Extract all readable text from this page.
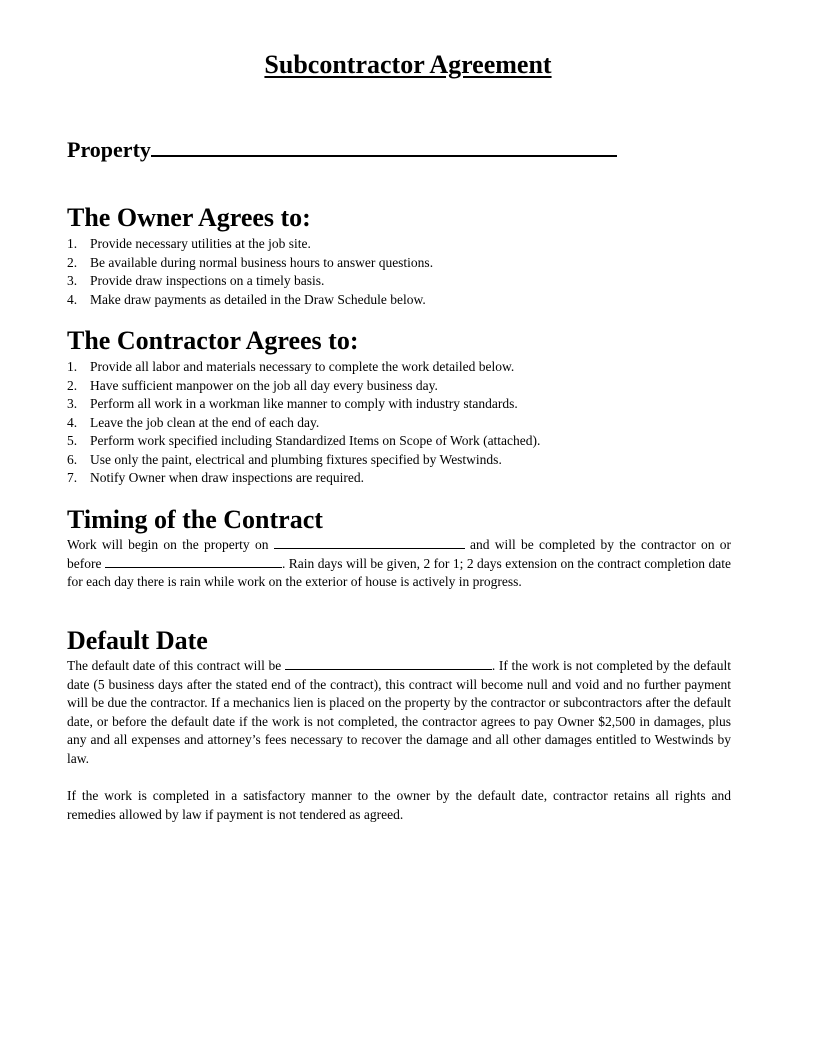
Subcontractor Agreement
Property
The Owner Agrees to:
1. Provide necessary utilities at the job site.
2. Be available during normal business hours to answer questions.
3. Provide draw inspections on a timely basis.
4. Make draw payments as detailed in the Draw Schedule below.
The Contractor Agrees to:
1. Provide all labor and materials necessary to complete the work detailed below.
2. Have sufficient manpower on the job all day every business day.
3. Perform all work in a workman like manner to comply with industry standards.
4. Leave the job clean at the end of each day.
5. Perform work specified including Standardized Items on Scope of Work (attached).
6. Use only the paint, electrical and plumbing fixtures specified by Westwinds.
7. Notify Owner when draw inspections are required.
Timing of the Contract

Work will begin on the property on	and will be completed by the contractor on or before	. Rain days will be given, 2 for 1; 2 days extension on the contract completion date for each day there is rain while work on the exterior of house is actively in progress.

Default Date

The default date of this contract will be	. If the work is not completed by the default date (5 business days after the stated end of the contract), this contract will become null and void and no further payment will be due the contractor. If a mechanics lien is placed on the property by the contractor or subcontractors after the default date, or before the default date if the work is not completed, the contractor agrees to pay Owner $2,500 in damages, plus any and all expenses and attorney’s fees necessary to recover the damage and all other damages entitled to Westwinds by law.

If the work is completed in a satisfactory manner to the owner by the default date, contractor retains all rights and remedies allowed by law if payment is not tendered as agreed.
